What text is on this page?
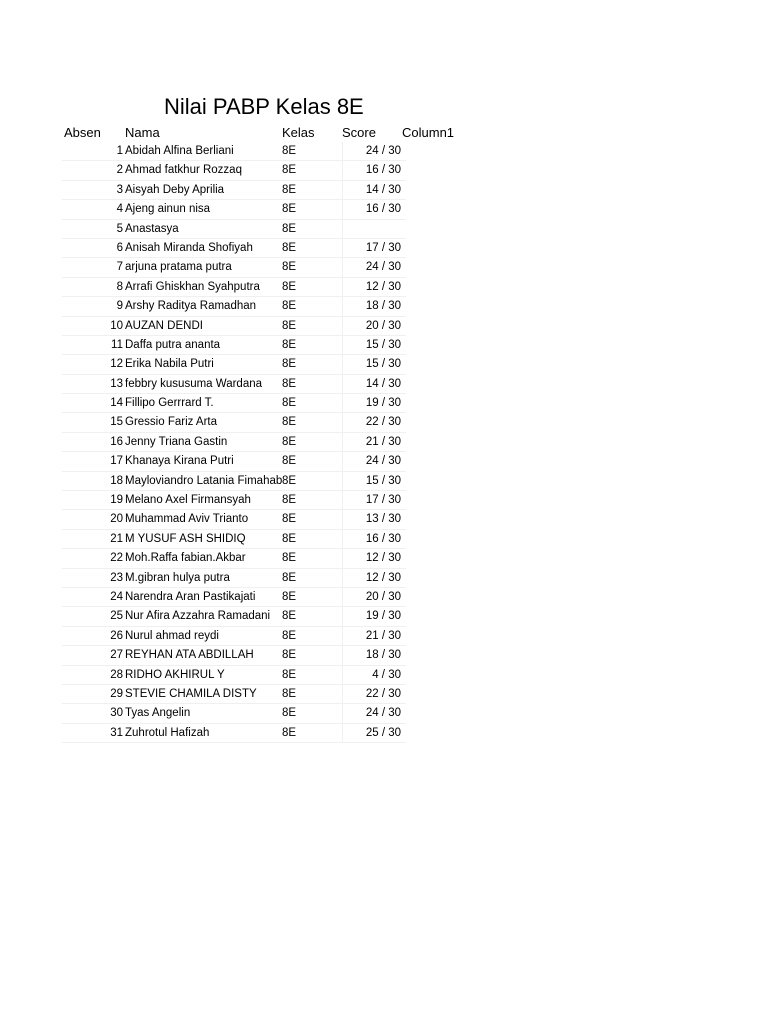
Nilai PABP Kelas 8E
Absen Nama	Kelas Score Column1
1 Abidah Alfina Berliani	8E	24 / 30
2 Ahmad fatkhur Rozzaq	8E	16 / 30
3 Aisyah Deby Aprilia	8E	14 / 30
4 Ajeng ainun nisa	8E	16 / 30
5 Anastasya	8E
6 Anisah Miranda Shofiyah	8E	17 / 30
7 arjuna pratama putra	8E	24 / 30
8 Arrafi Ghiskhan Syahputra	8E	12 / 30
9 Arshy Raditya Ramadhan	8E	18 / 30
10 AUZAN DENDI	8E	20 / 30
11 Daffa putra ananta	8E	15 / 30
12 Erika Nabila Putri	8E	15 / 30
13 febbry kususuma Wardana	8E	14 / 30
14 Fillipo Gerrrard T.	8E	19 / 30
15 Gressio Fariz Arta	8E	22 / 30
16 Jenny Triana Gastin	8E	21 / 30
17 Khanaya Kirana Putri	8E	24 / 30
18 Mayloviandro Latania Fimahab 8E	15 / 30
19 Melano Axel Firmansyah	8E	17 / 30
20 Muhammad Aviv Trianto	8E	13 / 30
21 M YUSUF ASH SHIDIQ	8E	16 / 30
22 Moh.Raffa fabian.Akbar	8E	12 / 30
23 M.gibran hulya putra	8E	12 / 30
24 Narendra Aran Pastikajati	8E	20 / 30
25 Nur Afira Azzahra Ramadani	8E	19 / 30
26 Nurul ahmad reydi	8E	21 / 30
27 REYHAN ATA ABDILLAH	8E	18 / 30
28 RIDHO AKHIRUL Y	8E	4 / 30
29 STEVIE CHAMILA DISTY	8E	22 / 30
30 Tyas Angelin	8E	24 / 30
31 Zuhrotul Hafizah	8E	25 / 30
